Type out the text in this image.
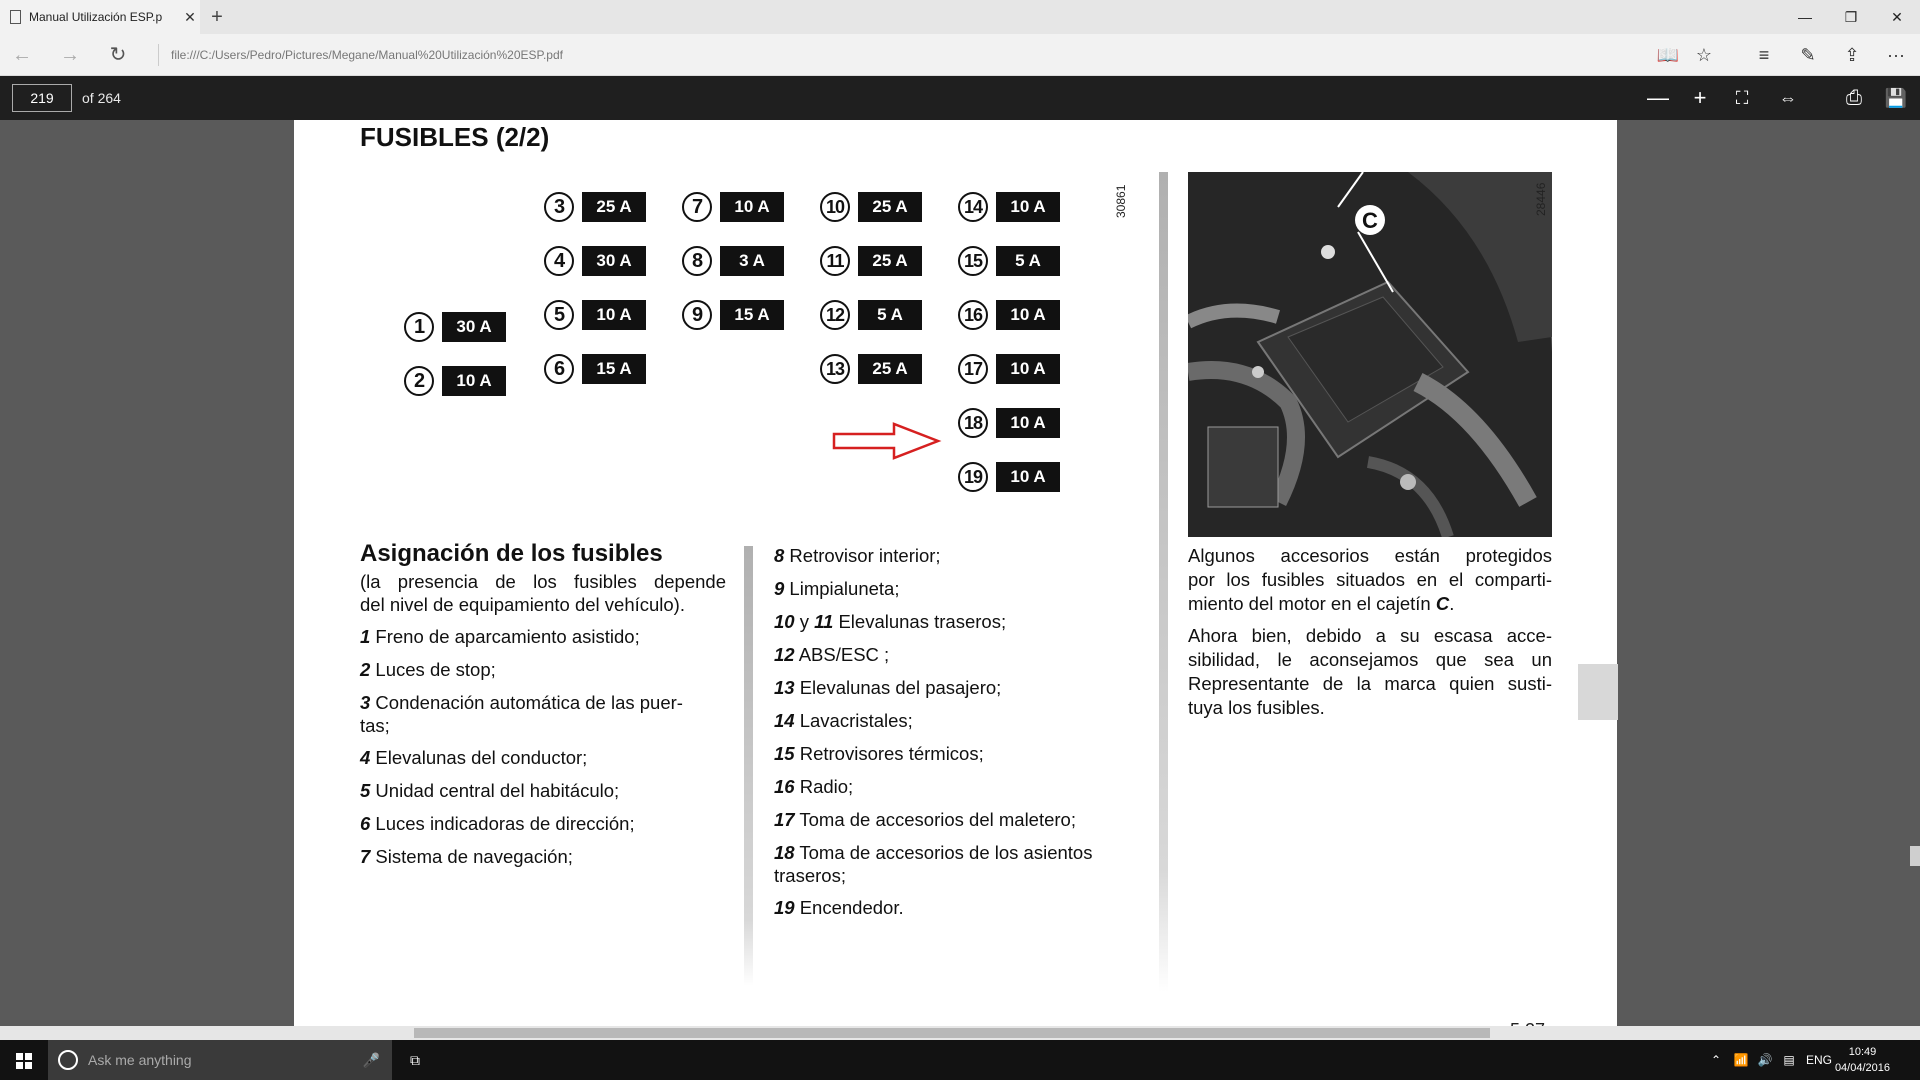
Manual Utilización ESP.p	✕ +	—	❐	✕
←	→	↻	file:///C:/Users/Pedro/Pictures/Megane/Manual%20Utilización%20ESP.pdf	📖 ☆	≡	✎	⇪	···
219	of 264	—	+	⛶	⇔	⎙	💾
FUSIBLES (2/2)
1	30 A
2	10 A
3	25 A
4	30 A
5	10 A
6	15 A
7	10 A
8	3 A
9	15 A
10	25 A
11	25 A
12	5 A
13	25 A
14	10 A
15	5 A
16	10 A
17	10 A
18	10 A
19	10 A
30861
C
28446
Asignación de los fusibles
(la presencia de los fusibles depende
del nivel de equipamiento del vehículo).
1 Freno de aparcamiento asistido;
2 Luces de stop;
3 Condenación automática de las puer-
tas;
4 Elevalunas del conductor;
5 Unidad central del habitáculo;
6 Luces indicadoras de dirección;
7 Sistema de navegación;
8 Retrovisor interior;
9 Limpialuneta;
10 y 11 Elevalunas traseros;
12 ABS/ESC ;
13 Elevalunas del pasajero;
14 Lavacristales;
15 Retrovisores térmicos;
16 Radio;
17 Toma de accesorios del maletero;
18 Toma de accesorios de los asientos
traseros;
19 Encendedor.
Algunos accesorios están protegidos
por los fusibles situados en el comparti-
miento del motor en el cajetín C.
Ahora bien, debido a su escasa acce-
sibilidad, le aconsejamos que sea un
Representante de la marca quien susti-
tuya los fusibles.
Ask me anything	🎤	⧉	⌃	📶 🔊 ▤ ENG
10:49
04/04/2016
